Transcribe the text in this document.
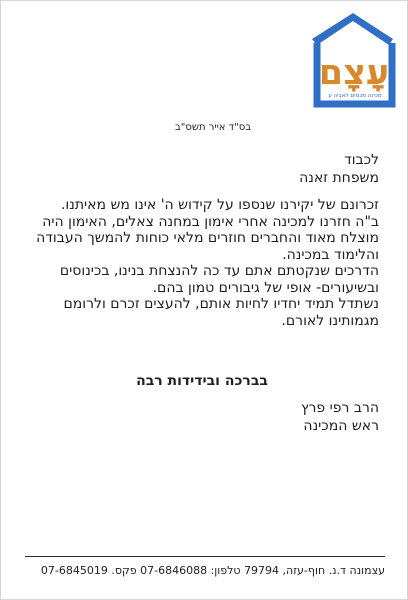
עָצָם
מכינה מכמים לאביה ע
בס"ד אייר תשס"ב
לכבוד
משפחת זאנה
זכרונם של יקירנו שנספו על קידוש ה' אינו מש מאיתנו.
ב"ה חזרנו למכינה אחרי אימון במחנה צאלים, האימון היה מוצלח מאוד והחברים חוזרים מלאי כוחות להמשך העבודה והלימוד במכינה.
הדרכים שנקטתם אתם עד כה להנצחת בנינו, בכינוסים ובשיעורים- אופי של גיבורים טמון בהם.
נשתדל תמיד יחדיו לחיות אותם, להעצים זכרם ולרומם מגמותינו לאורם.
בברכה ובידידות רבה
הרב רפי פרץ
ראש המכינה
עצמונה ד.נ. חוף-עזה, 79794 טלפון: 07-6846088 פקס. 07-6845019
